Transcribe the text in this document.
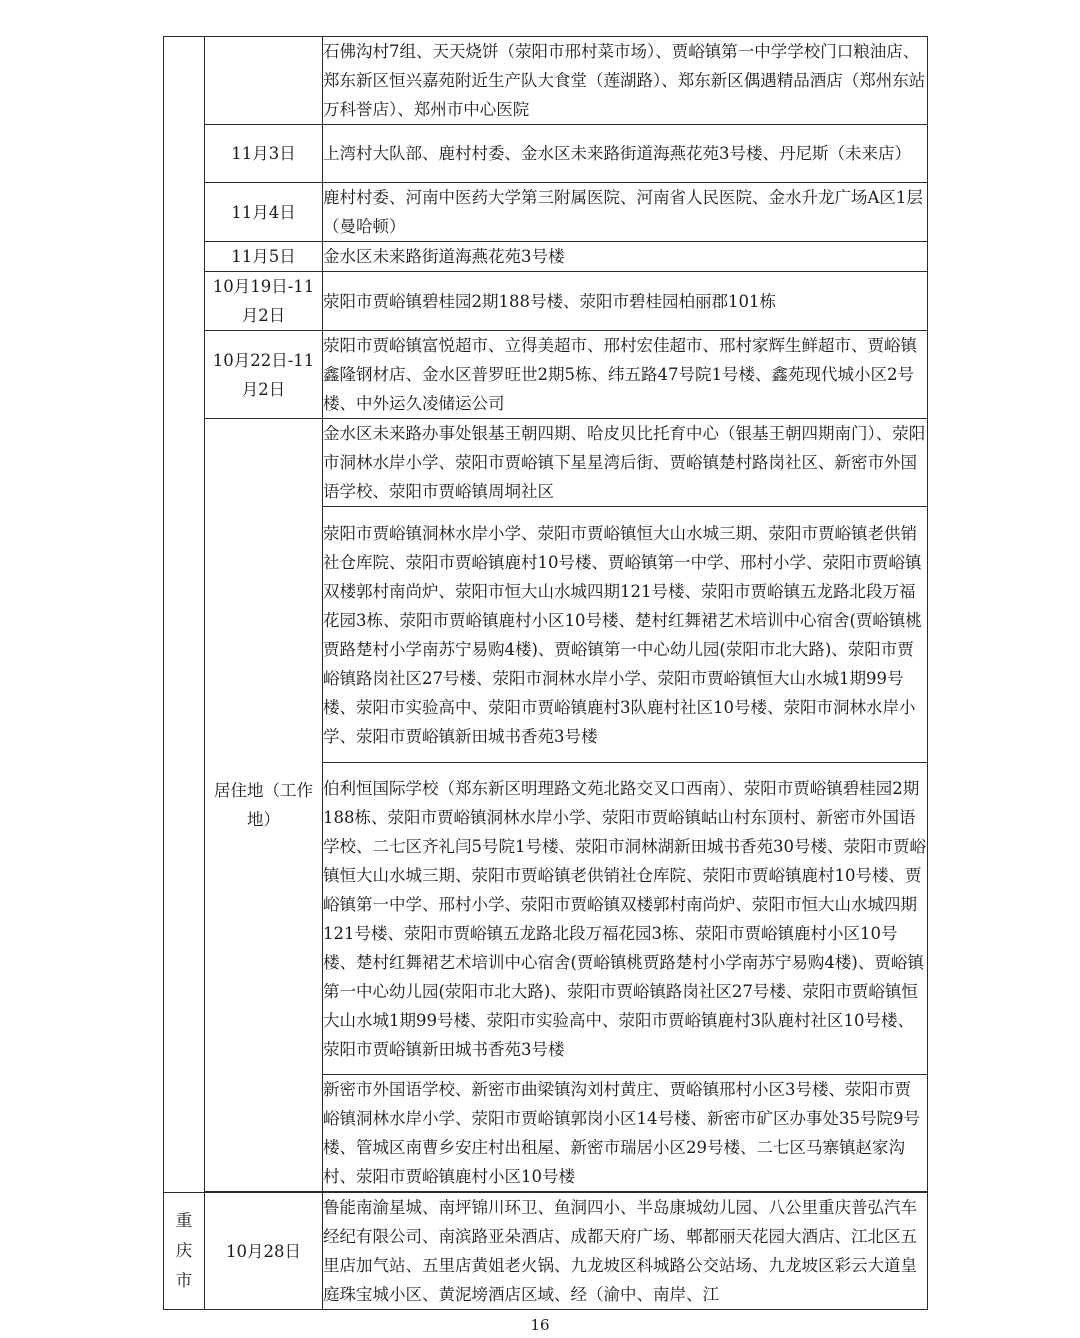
		石佛沟村7组、天天烧饼（荥阳市邢村菜市场）、贾峪镇第一中学学校门口粮油店、郑东新区恒兴嘉苑附近生产队大食堂（莲湖路）、郑东新区偶遇精品酒店（郑州东站万科誉店）、郑州市中心医院
	11月3日	上湾村大队部、鹿村村委、金水区未来路街道海燕花苑3号楼、丹尼斯（未来店）
	11月4日	鹿村村委、河南中医药大学第三附属医院、河南省人民医院、金水升龙广场A区1层（曼哈顿）
	11月5日	金水区未来路街道海燕花苑3号楼
	10月19日-11月2日	荥阳市贾峪镇碧桂园2期188号楼、荥阳市碧桂园柏丽郡101栋
	10月22日-11月2日	荥阳市贾峪镇富悦超市、立得美超市、邢村宏佳超市、邢村家辉生鲜超市、贾峪镇鑫隆钢材店、金水区普罗旺世2期5栋、纬五路47号院1号楼、鑫苑现代城小区2号楼、中外运久凌储运公司
	居住地（工作地）	金水区未来路办事处银基王朝四期、哈皮贝比托育中心（银基王朝四期南门）、荥阳市洞林水岸小学、荥阳市贾峪镇下星星湾后街、贾峪镇楚村路岗社区、新密市外国语学校、荥阳市贾峪镇周垌社区
		荥阳市贾峪镇洞林水岸小学、荥阳市贾峪镇恒大山水城三期、荥阳市贾峪镇老供销社仓库院、荥阳市贾峪镇鹿村10号楼、贾峪镇第一中学、邢村小学、荥阳市贾峪镇双楼郭村南尚炉、荥阳市恒大山水城四期121号楼、荥阳市贾峪镇五龙路北段万福花园3栋、荥阳市贾峪镇鹿村小区10号楼、楚村红舞裙艺术培训中心宿舍(贾峪镇桃贾路楚村小学南苏宁易购4楼)、贾峪镇第一中心幼儿园(荥阳市北大路)、荥阳市贾峪镇路岗社区27号楼、荥阳市洞林水岸小学、荥阳市贾峪镇恒大山水城1期99号楼、荥阳市实验高中、荥阳市贾峪镇鹿村3队鹿村社区10号楼、荥阳市洞林水岸小学、荥阳市贾峪镇新田城书香苑3号楼
		伯利恒国际学校（郑东新区明理路文苑北路交叉口西南）、荥阳市贾峪镇碧桂园2期188栋、荥阳市贾峪镇洞林水岸小学、荥阳市贾峪镇岵山村东顶村、新密市外国语学校、二七区齐礼闫5号院1号楼、荥阳市洞林湖新田城书香苑30号楼、荥阳市贾峪镇恒大山水城三期、荥阳市贾峪镇老供销社仓库院、荥阳市贾峪镇鹿村10号楼、贾峪镇第一中学、邢村小学、荥阳市贾峪镇双楼郭村南尚炉、荥阳市恒大山水城四期121号楼、荥阳市贾峪镇五龙路北段万福花园3栋、荥阳市贾峪镇鹿村小区10号楼、楚村红舞裙艺术培训中心宿舍(贾峪镇桃贾路楚村小学南苏宁易购4楼)、贾峪镇第一中心幼儿园(荥阳市北大路)、荥阳市贾峪镇路岗社区27号楼、荥阳市贾峪镇恒大山水城1期99号楼、荥阳市实验高中、荥阳市贾峪镇鹿村3队鹿村社区10号楼、荥阳市贾峪镇新田城书香苑3号楼
		新密市外国语学校、新密市曲梁镇沟刘村黄庄、贾峪镇邢村小区3号楼、荥阳市贾峪镇洞林水岸小学、荥阳市贾峪镇郭岗小区14号楼、新密市矿区办事处35号院9号楼、管城区南曹乡安庄村出租屋、新密市瑞居小区29号楼、二七区马寨镇赵家沟村、荥阳市贾峪镇鹿村小区10号楼

重庆市	10月28日	鲁能南渝星城、南坪锦川环卫、鱼洞四小、半岛康城幼儿园、八公里重庆普弘汽车经纪有限公司、南滨路亚朵酒店、成都天府广场、郫都丽天花园大酒店、江北区五里店加气站、五里店黄姐老火锅、九龙坡区科城路公交站场、九龙坡区彩云大道皇庭珠宝城小区、黄泥塝酒店区域、经（渝中、南岸、江
16
